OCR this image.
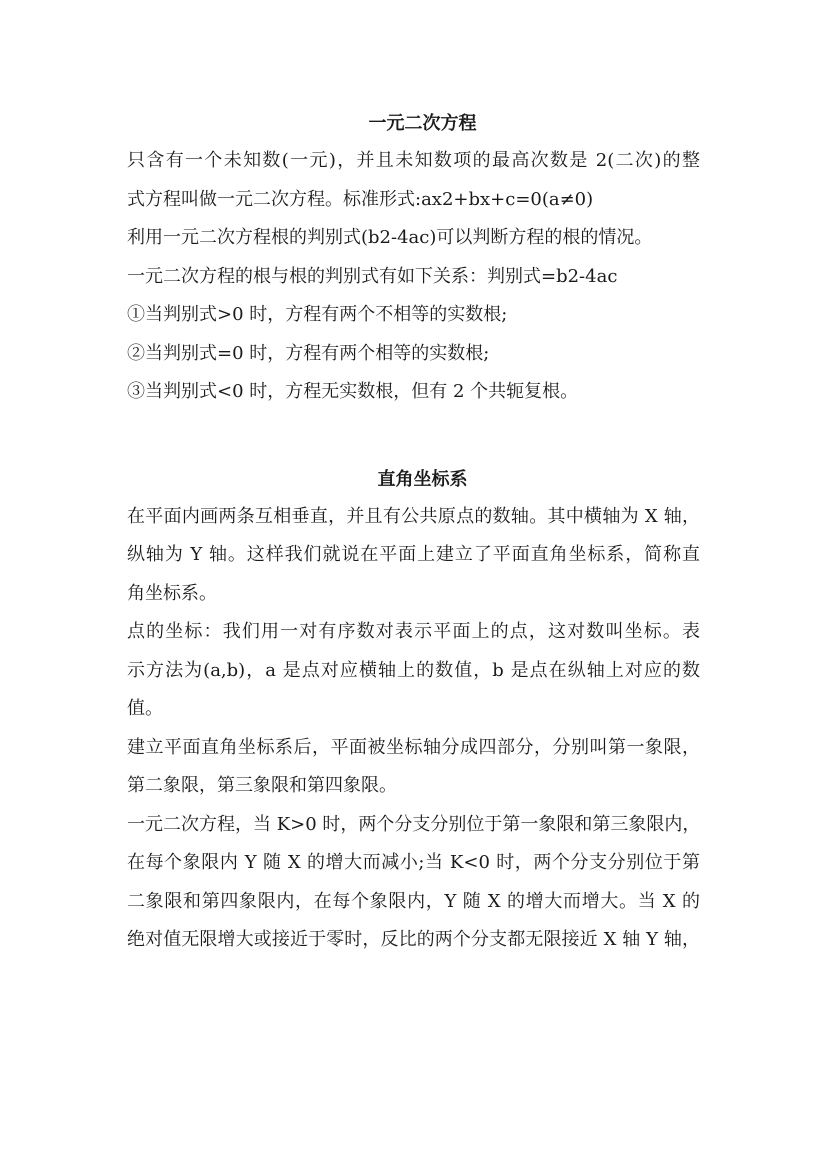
一元二次方程
只含有一个未知数(一元)，并且未知数项的最高次数是 2(二次)的整
式方程叫做一元二次方程。标准形式:ax2+bx+c=0(a≠0)
利用一元二次方程根的判别式(b2-4ac)可以判断方程的根的情况。
一元二次方程的根与根的判别式有如下关系：判别式=b2-4ac
①当判别式>0 时，方程有两个不相等的实数根;
②当判别式=0 时，方程有两个相等的实数根;
③当判别式<0 时，方程无实数根，但有 2 个共轭复根。
直角坐标系
在平面内画两条互相垂直，并且有公共原点的数轴。其中横轴为 X 轴，
纵轴为 Y 轴。这样我们就说在平面上建立了平面直角坐标系，简称直
角坐标系。
点的坐标：我们用一对有序数对表示平面上的点，这对数叫坐标。表
示方法为(a,b)，a 是点对应横轴上的数值，b 是点在纵轴上对应的数
值。
建立平面直角坐标系后，平面被坐标轴分成四部分，分别叫第一象限，
第二象限，第三象限和第四象限。
一元二次方程，当 K>0 时，两个分支分别位于第一象限和第三象限内，
在每个象限内 Y 随 X 的增大而减小;当 K<0 时，两个分支分别位于第
二象限和第四象限内，在每个象限内，Y 随 X 的增大而增大。当 X 的
绝对值无限增大或接近于零时，反比的两个分支都无限接近 X 轴 Y 轴，
